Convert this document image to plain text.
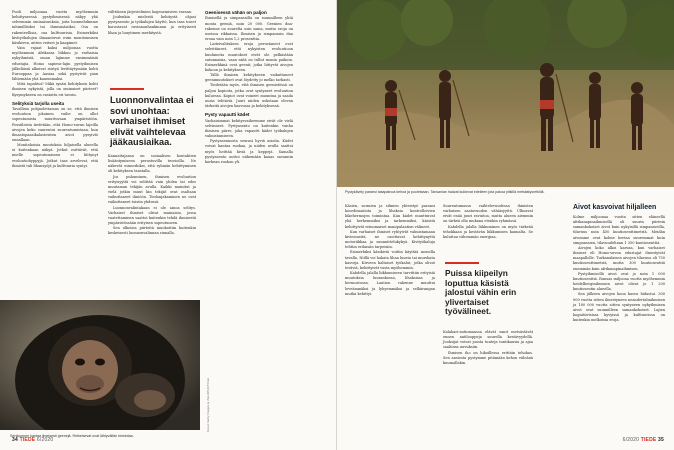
Puoli miljoonaa vuotta myöhemmin kehittyneessä pystyihmisessä näkyy yhä selvemmin ominaisuuksia, joita luonnehdimme inhimillisiksi tai ihmismäisiksi. Osa on rakenteellisia, osa kulttuurisia. Esimerkiksi kivityökalujen ilmaantuvat esiin monitoimisen käsikiven, aitten veitset ja kaapimet.

Vain vajaat kaksi miljoonaa vuotta myöhemmin Afrikassa liikkuu jo varhaisia nykyihmisiä, oman lajimme ensimmäisiä edustajia. Homo sapiens-lajin pystyihmisen jälkeläisiä alkoivat siirtyä levittäytymään kohti Eurooppaa ja Aasiaa sekä pystyivät pian lähtemään yhä kauemmaksi.

Mitä tapahtui? Mikä sysäsi kehityksen kohti ihmisen nykyistä, jolla on ominaiset piirteet? Kysymykseen on vastattu eri tavoin.

Selityksiä tarjolla useita

Tavallisin pohjaolettamus on se, että ihmisen evoluution jokainen vaihe on ollut sopeutumista muuttuvaan ympäristöön. Fossiileista tiedetään, että Homo-suvun lajeilla aivojen koko suurentui suurentumistaan, kun ilmastopaasikalasteisten aivot pysyivät ennallaan.

Monitahoisia muutoksia hiljaisella alueella ei kuitenkaan näkyä. Jotkut esittävät, että mielle sopeutumiseen ei liittynyt evoluutiohyppyjä. Jotkut taas arvelevat, että ihmistä tuli lihansyöjä ja kulttuuria syntyi.

välttöinen järjestelmien laajenemiseen varaan.

Joidenkin mielestä kehitystä ohjasi pystyasento ja työkalujen käyttö, kun taas toiset korostavat ravinnonhankinnan ja erityisesti lihan ja luuytimen merkitystä.

Luonnonvalintaa ei sovi unohtaa: varhaiset ihmiset elivät vaihtelevaa jääkausiaikaa.

Kannattajansa on sosiaalisen kontaktien lisääntymiseen perustuvilla teorioilla. Ne näkevät esimerkiksi, että ryhmän kehittyminen oli kehityksen taustalla.

Jos puhuminen, ihmisen evoluution erityisyyttä voi selittää vain yhden tai edes muutaman tekijän avulla. Kaikki mainitut ja vielä jotkin muut kin tekijät ovat osaltaan vaikuttaneet ilmiöön. Tiedonjakaminen ne ovat vaikuttaneet toisiin yhdessä.

Luonnonvalintakaan ei ole ainoa selitys. Varhaiset ihmiset olivat mainaisia, jossa vaatettaminen saattoi kuitenkin tehdä ihmisestä ympäristössään erityisen sopeutuneen.

Sen ulkoisia piirteitä muokattiin kuitenkin keskeisesti luonnonvalinnan rinnalla.

Geenisessä vähän on paljon

Ihmisellä ja simpanssilla on suunnilleen yhtä monta geeniä, noin 20 000. Geenien dna-rakenne on suurelta osin sama, mutta eroja on useissa rikkaissa. Ihmisen ja simpanssin dna eroaa vain noin 1,2 prosenttia.

Laiteivalituksen eroja perustaneet ovat selvittäneet, että nykyisten evoluutioon kuuluneita muutokset eivät ole pelkästään satunnaisia, vaan niitä on tullut monin paikoin. Esimerkkinä ovat geenit, jotka liittyvät aivojen kokoon ja kehitykseen.

Tällä ihmisen kehitykseen vaikuttaneet geenimuutokset ovat löydetty jo melko tarkasti.

Tiedetään myös, että ihmisen geenistössä on paljon kopioita, jotka ovat syntyneet evoluution kuluessa. Kopiot ovat voineet muuntua ja saada uusia tehtäviä. Juuri niiden uskotaan olevan tärkeitä aivojen kasvussa ja kehityksessä.

Pysty vapautti kädet

Varhaisimmat kehitysvaiheemme eivät ole vielä selvinneet. Pystyasento on kuitenkin vanha ihmisen piirre, joka vapautti kädet työkalujen valmistamiseen.

Pystyasennosta seurasi hyviä asioita. Kädet voivat kantaa ruokaa, ja niiden avulla saattoi myös heittää kiviä ja keppejä. Samalla pystyasento auttoi näkemään kauas savannin korkean ruohon yli.

Serkkumme kantaa ilmeisesti geenejä. Retkeisevat ovat lähtyvällän toimintaa.
Kuvat: Getty Images ja iStockPHOTOnet
34 TIEDE 6/2020
Pystykävely paransi tasapainoa kehoa ja puolestaan. Tansanian hadzat kulkevat edelleen jota pakoa pitkillä metsästysretkillä.

Käsien, sormien ja silmien yhteistyö paransi koordinaatiota ja lihaksia kontrolloivien liikehermojen toimintaa. Kun kädet muuttuivat yhä herkemmiksi ja tarkemmiksi, käsistä kehittyivät erinomaiset manipulaation välineet.

Kun varhaiset ihmiset ryhtyivät valmistamaan kiviesineitä, ne osoittavat kehittynyttä motoriikkaa ja suunnittelukykyä. Kivityökaluja tehtiin erilaisiin tarpeisiin.

Esimerkiksi käsikiviä voitiin käyttää monella tavalla. Niillä voi hakata lihaa luusta tai murskata kasveja. Kirveen kaltaiset työkalut, jotka olivat teräviä, kehittyivät vasta myöhemmin.

Kahdella jalalla liikkumiseen tarvittiin erityisiä muutoksia luurankossa, lihaksissa ja hermostossa. Lantion rakenne muuttui leveämmäksi ja lyhyemmäksi ja selkärangan mutka kehittyi.

Suurentumassa vaihtelevuudessa ihmisten varhaisen saatavuuden vähäisyyttä. Ulkoavat eivät enää juuri ravintoa, mutta alueen aiemmin on tärkeä olla mukana etenkin ryhmässä.

Kahdella jalalla liikkuminen on myös tärkeää tehokkaan ja kestävän liikkumisen kannalta. Se kuluttaa vähemmän energiaa.

Puissa kiipeilyn loputtua käsistä jalostui vähin erin ylivertaiset työvälineet.

Kalahari-autiomaassa elävät sanit metsästävät ennen antilooppeja suurella kestävyydellä. Juoksijat voivat juosta tunteja tuntikausia ja ajaa saaliinsa uuvuksiin.

Ihmisen iho on hikoillessa erittäin tehokas. Sen ansiosta pystymme pitämään kehon viileänä kuumallakin.

Aivot kasvoivat hiljalleen

Kolme miljoonaa vuotta sitten eläneellä afrikanapinaihmisellä oli suurin piirtein samankokoiset aivot kuin nykyisillä simpansseilla, tilavuus noin 450 kuutiosenttimetriä. Meidän aivomme ovat kolme kertaa suuremmat kuin simpanssien, tilavuudeltaan 1 350 kuutiosenttiä.

Aivojen koko alkoi kasvaa, kun varhaiset ihmiset eli Homo-suvun edustajat ilmestyivät maapallolle. Turkanalaisen aivojen tilavuus oli 750 kuutiosenttimetriä, mutta 300 kuutiosenttiä enemmän kuin afrikanapinaihmisen.

Pystyihmisellä aivot ovat jo noin 1 000 kuutiosenttiä. Runsas miljoona vuotta myöhemmin heidelberginihmisen aivot olivat jo 1 200 kuutiosentin alueella.

Sen jälkeen aivojen koon kasvu hidastui. 300 000 vuotta sitten ilmestyneen neandertalinihmisen ja 180 000 vuotta sitten syntyneen nykyihmisen aivot ovat suunnilleen samankokoiset. Lajien kognitiivisissa kyvyissä ja kulttuurissa on kuitenkin melkoisia eroja.

6/2020 TIEDE 35
